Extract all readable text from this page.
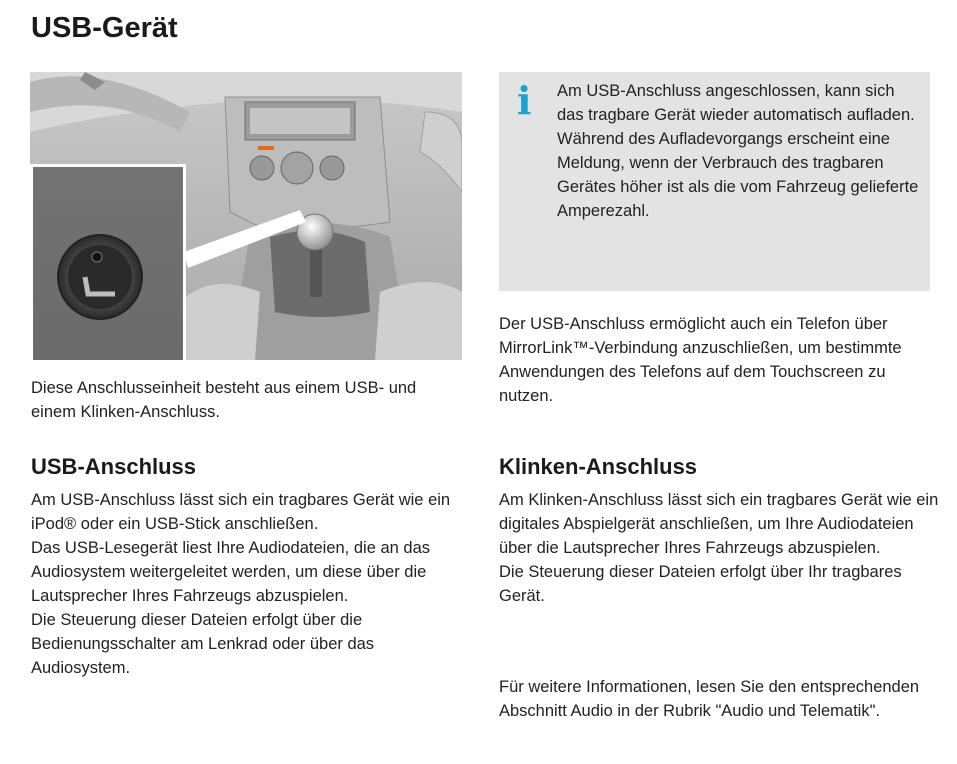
USB-Gerät

Diese Anschlusseinheit besteht aus einem USB- und einem Klinken-Anschluss.

USB-Anschluss

Am USB-Anschluss lässt sich ein tragbares Gerät wie ein iPod® oder ein USB-Stick anschließen.

Das USB-Lesegerät liest Ihre Audiodateien, die an das Audiosystem weitergeleitet werden, um diese über die Lautsprecher Ihres Fahrzeugs abzuspielen.

Die Steuerung dieser Dateien erfolgt über die Bedienungsschalter am Lenkrad oder über das Audiosystem.

i Am USB-Anschluss angeschlossen, kann sich das tragbare Gerät wieder automatisch aufladen.

Während des Aufladevorgangs erscheint eine Meldung, wenn der Verbrauch des tragbaren Gerätes höher ist als die vom Fahrzeug gelieferte Amperezahl.

Der USB-Anschluss ermöglicht auch ein Telefon über MirrorLink™-Verbindung anzuschließen, um bestimmte Anwendungen des Telefons auf dem Touchscreen zu nutzen.

Klinken-Anschluss

Am Klinken-Anschluss lässt sich ein tragbares Gerät wie ein digitales Abspielgerät anschließen, um Ihre Audiodateien über die Lautsprecher Ihres Fahrzeugs abzuspielen.

Die Steuerung dieser Dateien erfolgt über Ihr tragbares Gerät.

Für weitere Informationen, lesen Sie den entsprechenden Abschnitt Audio in der Rubrik "Audio und Telematik".
